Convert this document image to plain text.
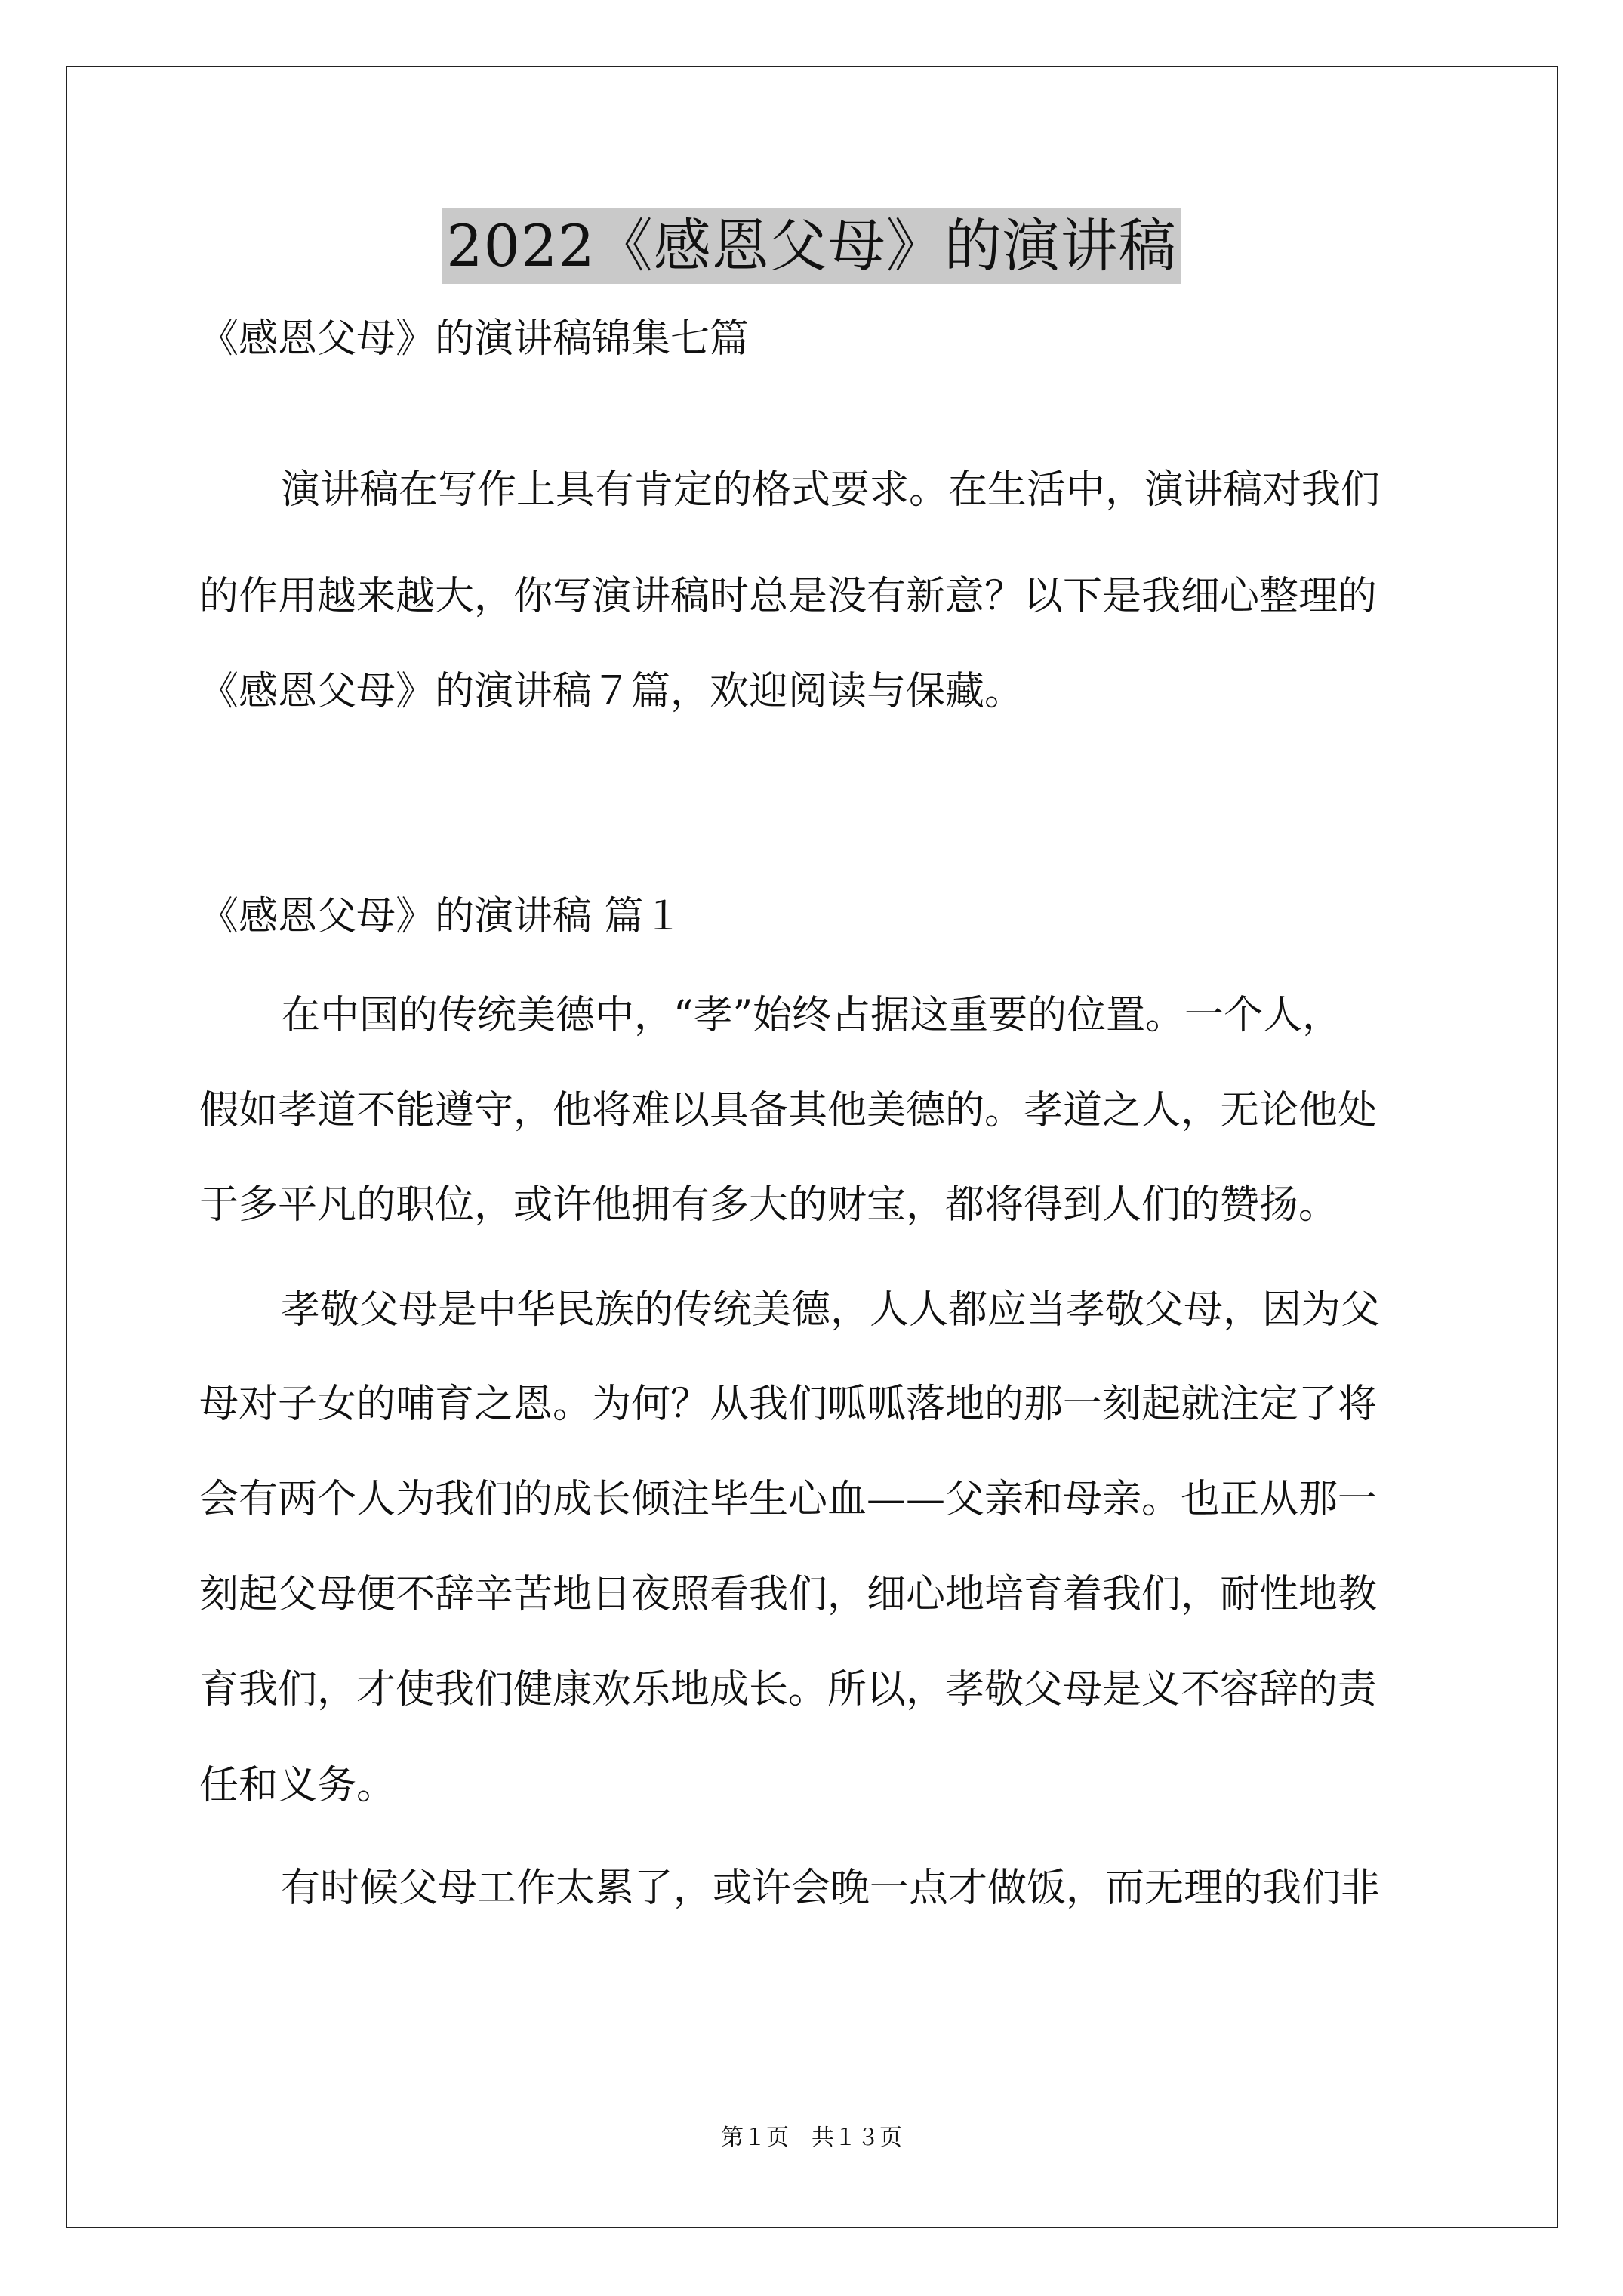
2022《感恩父母》的演讲稿
《感恩父母》的演讲稿锦集七篇
演讲稿在写作上具有肯定的格式要求。在生活中，演讲稿对我们
的作用越来越大，你写演讲稿时总是没有新意？以下是我细心整理的
《感恩父母》的演讲稿７篇，欢迎阅读与保藏。
《感恩父母》的演讲稿 篇１
在中国的传统美德中，“孝”始终占据这重要的位置。一个人，
假如孝道不能遵守，他将难以具备其他美德的。孝道之人，无论他处
于多平凡的职位，或许他拥有多大的财宝，都将得到人们的赞扬。
孝敬父母是中华民族的传统美德，人人都应当孝敬父母，因为父
母对子女的哺育之恩。为何？从我们呱呱落地的那一刻起就注定了将
会有两个人为我们的成长倾注毕生心血——父亲和母亲。也正从那一
刻起父母便不辞辛苦地日夜照看我们，细心地培育着我们，耐性地教
育我们，才使我们健康欢乐地成长。所以，孝敬父母是义不容辞的责
任和义务。
有时候父母工作太累了，或许会晚一点才做饭，而无理的我们非
第１页　共１３页
